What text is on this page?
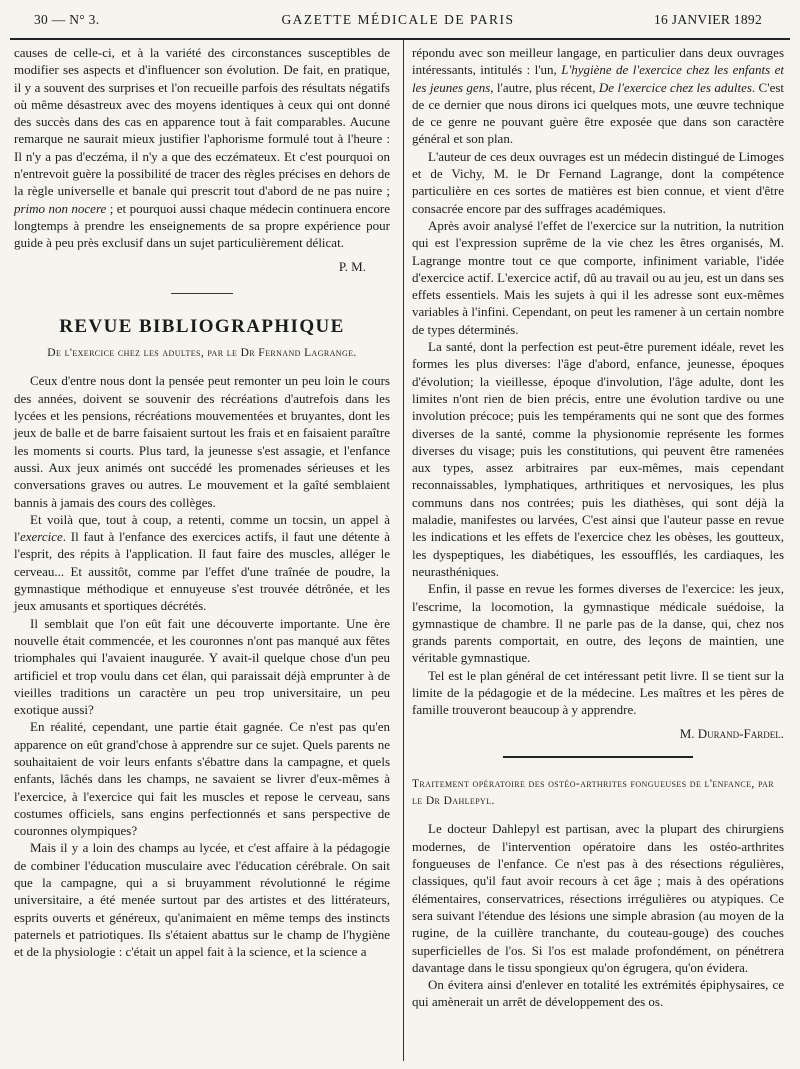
30 — N° 3.	GAZETTE MÉDICALE DE PARIS	16 JANVIER 1892

causes de celle-ci, et à la variété des circonstances susceptibles de modifier ses aspects et d'influencer son évolution. De fait, en pratique, il y a souvent des surprises et l'on recueille parfois des résultats négatifs où même désastreux avec des moyens identiques à ceux qui ont donné des succès dans des cas en apparence tout à fait comparables. Aucune remarque ne saurait mieux justifier l'aphorisme formulé tout à l'heure : Il n'y a pas d'eczéma, il n'y a que des eczémateux. Et c'est pourquoi on n'entrevoit guère la possibilité de tracer des règles précises en dehors de la règle universelle et banale qui prescrit tout d'abord de ne pas nuire ; primo non nocere ; et pourquoi aussi chaque médecin continuera encore longtemps à prendre les enseignements de sa propre expérience pour guide à peu près exclusif dans un sujet particulièrement délicat.

P. M.
REVUE BIBLIOGRAPHIQUE
De l'exercice chez les adultes, par le Dr Fernand Lagrange.

Ceux d'entre nous dont la pensée peut remonter un peu loin le cours des années, doivent se souvenir des récréations d'autrefois dans les lycées et les pensions, récréations mouvementées et bruyantes, dont les jeux de balle et de barre faisaient surtout les frais et en faisaient paraître les moments si courts. Plus tard, la jeunesse s'est assagie, et l'enfance aussi. Aux jeux animés ont succédé les promenades sérieuses et les conversations graves ou autres. Le mouvement et la gaîté semblaient bannis à jamais des cours des collèges.

Et voilà que, tout à coup, a retenti, comme un tocsin, un appel à l'exercice. Il faut à l'enfance des exercices actifs, il faut une détente à l'esprit, des répits à l'application. Il faut faire des muscles, alléger le cerveau... Et aussitôt, comme par l'effet d'une traînée de poudre, la gymnastique méthodique et ennuyeuse s'est trouvée détrônée, et les jeux amusants et sportiques décrétés.

Il semblait que l'on eût fait une découverte importante. Une ère nouvelle était commencée, et les couronnes n'ont pas manqué aux fêtes triomphales qui l'avaient inaugurée. Y avait-il quelque chose d'un peu artificiel et trop voulu dans cet élan, qui paraissait déjà emprunter à de vieilles traditions un caractère un peu trop universitaire, un peu exotique aussi?

En réalité, cependant, une partie était gagnée. Ce n'est pas qu'en apparence on eût grand'chose à apprendre sur ce sujet. Quels parents ne souhaitaient de voir leurs enfants s'ébattre dans la campagne, et quels enfants, lâchés dans les champs, ne savaient se livrer d'eux-mêmes à l'exercice, à l'exercice qui fait les muscles et repose le cerveau, sans costumes officiels, sans engins perfectionnés et sans perspective de couronnes olympiques?

Mais il y a loin des champs au lycée, et c'est affaire à la pédagogie de combiner l'éducation musculaire avec l'éducation cérébrale. On sait que la campagne, qui a si bruyamment révolutionné le régime universitaire, a été menée surtout par des artistes et des littérateurs, esprits ouverts et généreux, qu'animaient en même temps des instincts paternels et patriotiques. Ils s'étaient abattus sur le champ de l'hygiène et de la physiologie : c'était un appel fait à la science, et la science a

répondu avec son meilleur langage, en particulier dans deux ouvrages intéressants, intitulés : l'un, L'hygiène de l'exercice chez les enfants et les jeunes gens, l'autre, plus récent, De l'exercice chez les adultes. C'est de ce dernier que nous dirons ici quelques mots, une œuvre technique de ce genre ne pouvant guère être exposée que dans son caractère général et son plan.

L'auteur de ces deux ouvrages est un médecin distingué de Limoges et de Vichy, M. le Dr Fernand Lagrange, dont la compétence particulière en ces sortes de matières est bien connue, et vient d'être consacrée encore par des suffrages académiques.

Après avoir analysé l'effet de l'exercice sur la nutrition, la nutrition qui est l'expression suprême de la vie chez les êtres organisés, M. Lagrange montre tout ce que comporte, infiniment variable, l'idée d'exercice actif. L'exercice actif, dû au travail ou au jeu, est un dans ses effets essentiels. Mais les sujets à qui il les adresse sont eux-mêmes variables à l'infini. Cependant, on peut les ramener à un certain nombre de types déterminés.

La santé, dont la perfection est peut-être purement idéale, revet les formes les plus diverses: l'âge d'abord, enfance, jeunesse, époques d'évolution; la vieillesse, époque d'involution, l'âge adulte, dont les limites n'ont rien de bien précis, entre une évolution tardive ou une involution précoce; puis les tempéraments qui ne sont que des formes diverses de la santé, comme la physionomie représente les formes diverses du visage; puis les constitutions, qui peuvent être ramenées aux types, assez arbitraires par eux-mêmes, mais cependant reconnaissables, lymphatiques, arthritiques et nervosiques, les plus communs dans nos contrées; puis les diathèses, qui sont déjà la maladie, manifestes ou larvées, C'est ainsi que l'auteur passe en revue les indications et les effets de l'exercice chez les obèses, les goutteux, les dyspeptiques, les diabétiques, les essoufflés, les cardiaques, les neurasthéniques.

Enfin, il passe en revue les formes diverses de l'exercice: les jeux, l'escrime, la locomotion, la gymnastique médicale suédoise, la gymnastique de chambre. Il ne parle pas de la danse, qui, chez nos grands parents comportait, en outre, des leçons de maintien, une véritable gymnastique.

Tel est le plan général de cet intéressant petit livre. Il se tient sur la limite de la pédagogie et de la médecine. Les maîtres et les pères de famille trouveront beaucoup à y apprendre.

M. Durand-Fardel.
Traitement opératoire des ostéo-arthrites fongueuses de l'enfance, par le Dr Dahlepyl.

Le docteur Dahlepyl est partisan, avec la plupart des chirurgiens modernes, de l'intervention opératoire dans les ostéo-arthrites fongueuses de l'enfance. Ce n'est pas à des résections régulières, classiques, qu'il faut avoir recours à cet âge ; mais à des opérations élémentaires, conservatrices, résections irrégulières ou atypiques. Ce sera suivant l'étendue des lésions une simple abrasion (au moyen de la rugine, de la cuillère tranchante, du couteau-gouge) des couches superficielles de l'os. Si l'os est malade profondément, on pénétrera davantage dans le tissu spongieux qu'on égrugera, qu'on évidera.

On évitera ainsi d'enlever en totalité les extrémités épiphysaires, ce qui amènerait un arrêt de développement des os.
